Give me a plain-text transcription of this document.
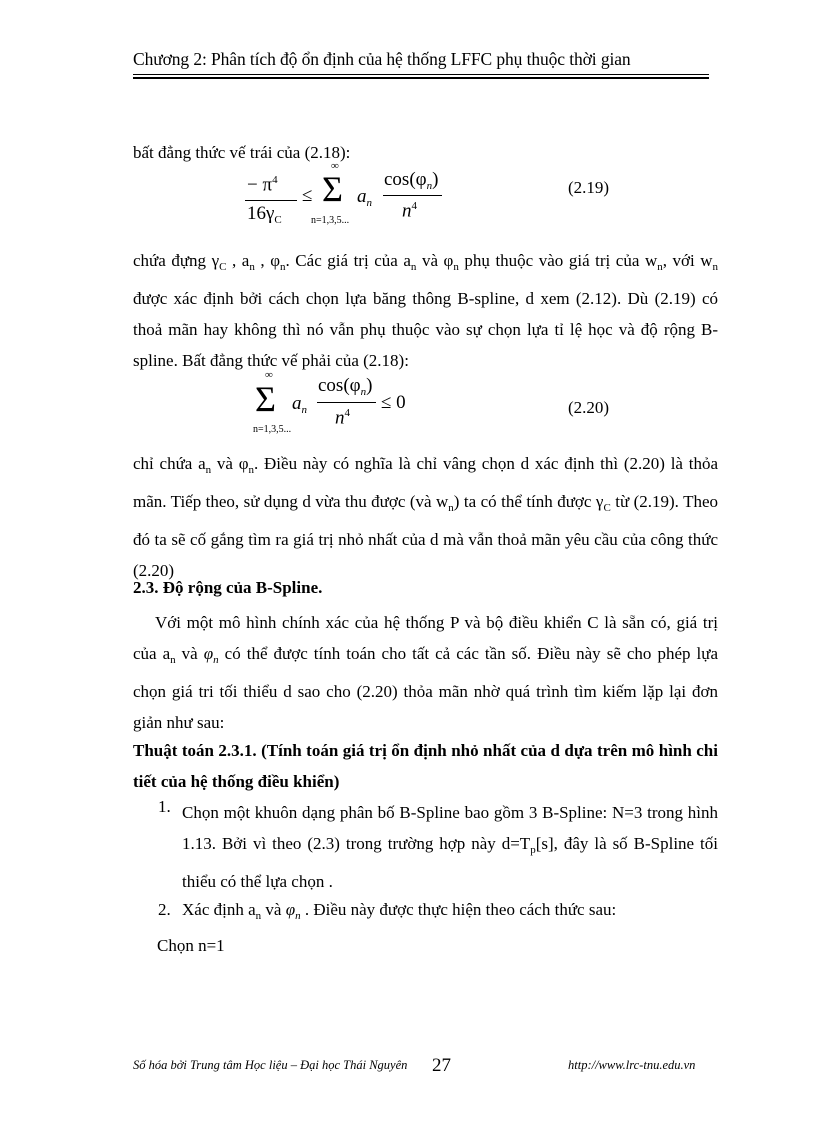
Chương 2: Phân tích độ ổn định của hệ thống LFFC phụ thuộc thời gian
bất đẳng thức vế trái của (2.18):
− $\pi^4$
$16\gamma_C$
≤
∞
Σ
n=1,3,5...
$a_n$
$\cos(\varphi_n)$
$n^4$
(2.19)
chứa đựng $\gamma_C$ , $a_n$ , $\varphi_n$. Các giá trị của $a_n$ và $\varphi_n$ phụ thuộc vào giá trị của $w_n$, với $w_n$ được xác định bởi cách chọn lựa băng thông B-spline, d xem (2.12). Dù (2.19) có thoả mãn hay không thì nó vẫn phụ thuộc vào sự chọn lựa tỉ lệ học và độ rộng B-spline. Bất đẳng thức vế phải của (2.18):
∞
Σ
n=1,3,5...
$a_n$
$\cos(\varphi_n)$
$n^4 \le 0$	(2.20)
chỉ chứa $a_n$ và $\varphi_n$. Điều này có nghĩa là chỉ vâng chọn d xác định thì (2.20) là thỏa mãn. Tiếp theo, sử dụng d vừa thu được (và $w_n$) ta có thể tính được $\gamma_C$ từ (2.19). Theo đó ta sẽ cố gắng tìm ra giá trị nhỏ nhất của d mà vẫn thoả mãn yêu cầu của công thức (2.20)
2.3. Độ rộng của B-Spline.
Với một mô hình chính xác của hệ thống P và bộ điều khiển C là sẵn có, giá trị của $a_n$ và $\varphi_n$ có thể được tính toán cho tất cả các tần số. Điều này sẽ cho phép lựa chọn giá tri tối thiểu d sao cho (2.20) thỏa mãn nhờ quá trình tìm kiếm lặp lại đơn giản như sau:
Thuật toán 2.3.1. (Tính toán giá trị ổn định nhỏ nhất của d dựa trên mô hình chi tiết của hệ thống điều khiển)
1. Chọn một khuôn dạng phân bố B-Spline bao gồm 3 B-Spline: N=3 trong hình 1.13. Bởi vì theo (2.3) trong trường hợp này $d=T_p[s]$, đây là số B-Spline tối thiểu có thể lựa chọn .
2. Xác định $a_n$ và $\varphi_n$ . Điều này được thực hiện theo cách thức sau:
Chọn n=1
Số hóa bởi Trung tâm Học liệu – Đại học Thái Nguyên 27	http://www.lrc-tnu.edu.vn
